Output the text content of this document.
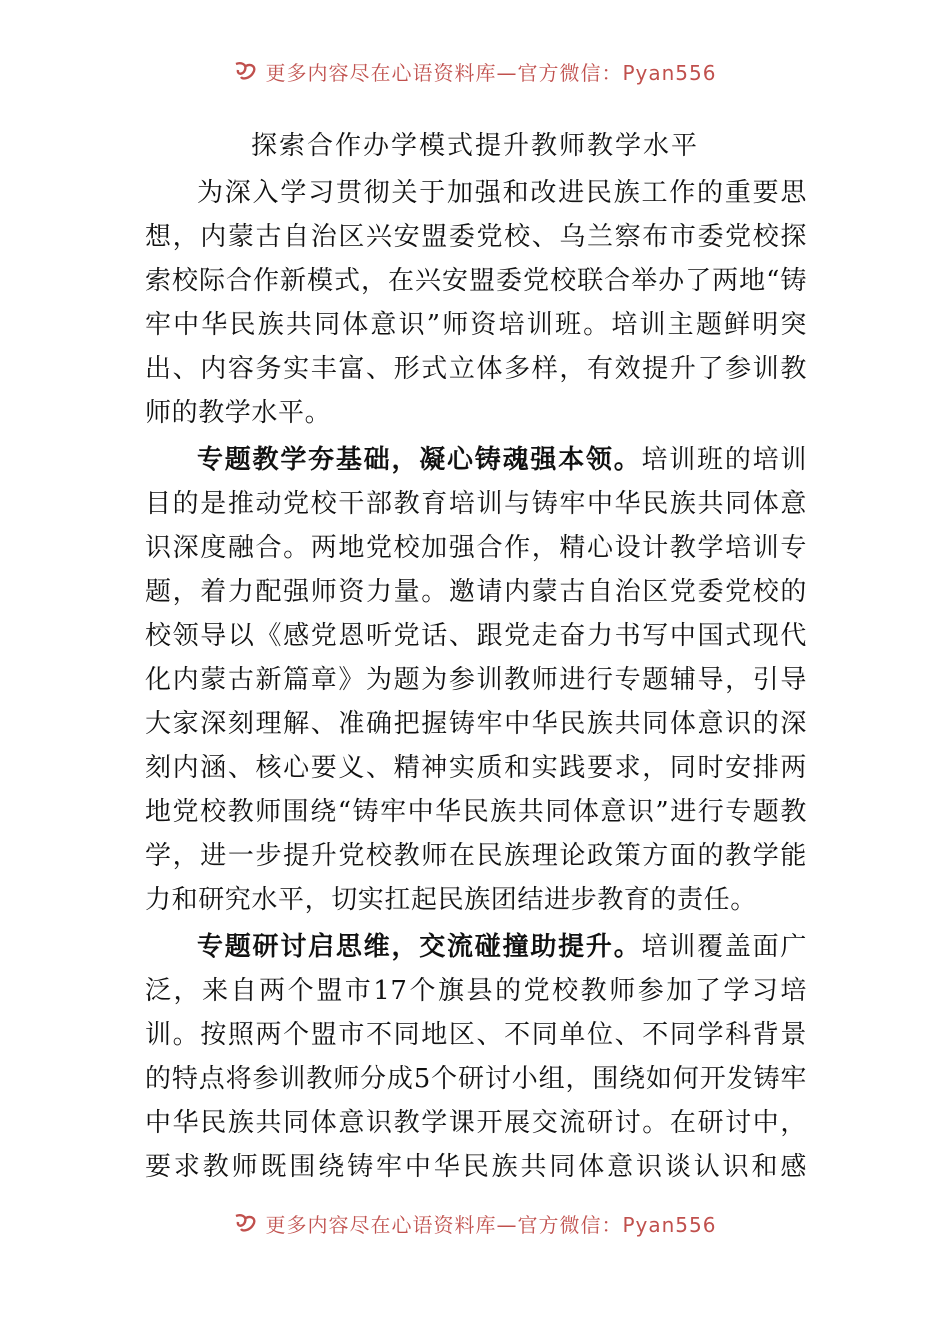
更多内容尽在心语资料库—官方微信：Pyan556
探索合作办学模式提升教师教学水平

为深入学习贯彻关于加强和改进民族工作的重要思想，内蒙古自治区兴安盟委党校、乌兰察布市委党校探索校际合作新模式，在兴安盟委党校联合举办了两地“铸牢中华民族共同体意识”师资培训班。培训主题鲜明突出、内容务实丰富、形式立体多样，有效提升了参训教师的教学水平。

专题教学夯基础，凝心铸魂强本领。培训班的培训目的是推动党校干部教育培训与铸牢中华民族共同体意识深度融合。两地党校加强合作，精心设计教学培训专题，着力配强师资力量。邀请内蒙古自治区党委党校的校领导以《感党恩听党话、跟党走奋力书写中国式现代化内蒙古新篇章》为题为参训教师进行专题辅导，引导大家深刻理解、准确把握铸牢中华民族共同体意识的深刻内涵、核心要义、精神实质和实践要求，同时安排两地党校教师围绕“铸牢中华民族共同体意识”进行专题教学，进一步提升党校教师在民族理论政策方面的教学能力和研究水平，切实扛起民族团结进步教育的责任。

专题研讨启思维，交流碰撞助提升。培训覆盖面广泛，来自两个盟市17个旗县的党校教师参加了学习培训。按照两个盟市不同地区、不同单位、不同学科背景的特点将参训教师分成5个研讨小组，围绕如何开发铸牢中华民族共同体意识教学课开展交流研讨。在研讨中，要求教师既围绕铸牢中华民族共同体意识谈认识和感

更多内容尽在心语资料库—官方微信：Pyan556
